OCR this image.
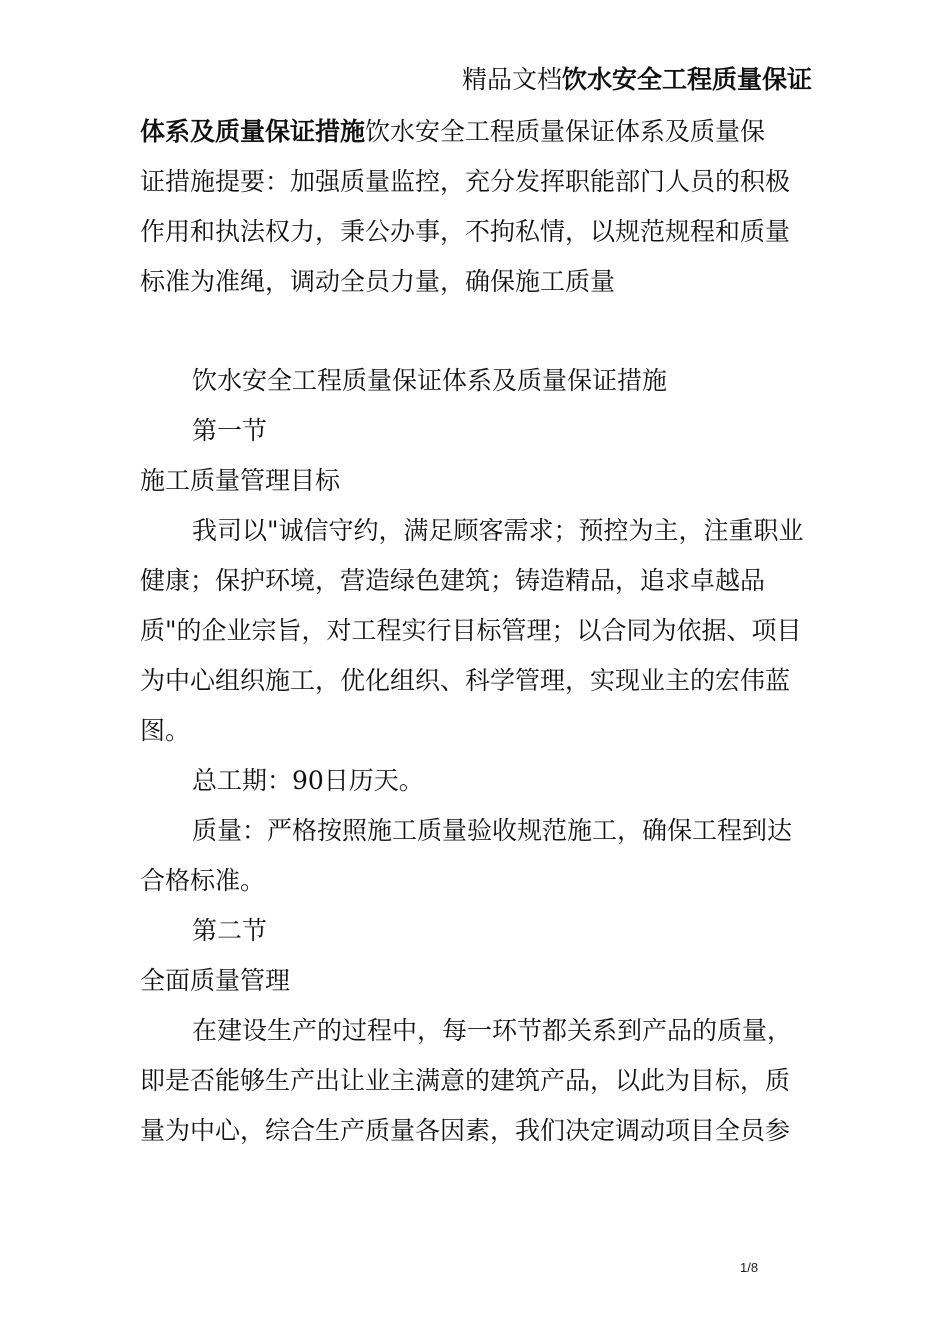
精品文档饮水安全工程质量保证
体系及质量保证措施饮水安全工程质量保证体系及质量保
证措施提要：加强质量监控，充分发挥职能部门人员的积极
作用和执法权力，秉公办事，不拘私情，以规范规程和质量
标准为准绳，调动全员力量，确保施工质量
饮水安全工程质量保证体系及质量保证措施
第一节
施工质量管理目标
我司以"诚信守约，满足顾客需求；预控为主，注重职业
健康；保护环境，营造绿色建筑；铸造精品，追求卓越品
质"的企业宗旨，对工程实行目标管理；以合同为依据、项目
为中心组织施工，优化组织、科学管理，实现业主的宏伟蓝
图。
总工期：90日历天。
质量：严格按照施工质量验收规范施工，确保工程到达
合格标准。
第二节
全面质量管理
在建设生产的过程中，每一环节都关系到产品的质量，
即是否能够生产出让业主满意的建筑产品，以此为目标，质
量为中心，综合生产质量各因素，我们决定调动项目全员参
1/8
